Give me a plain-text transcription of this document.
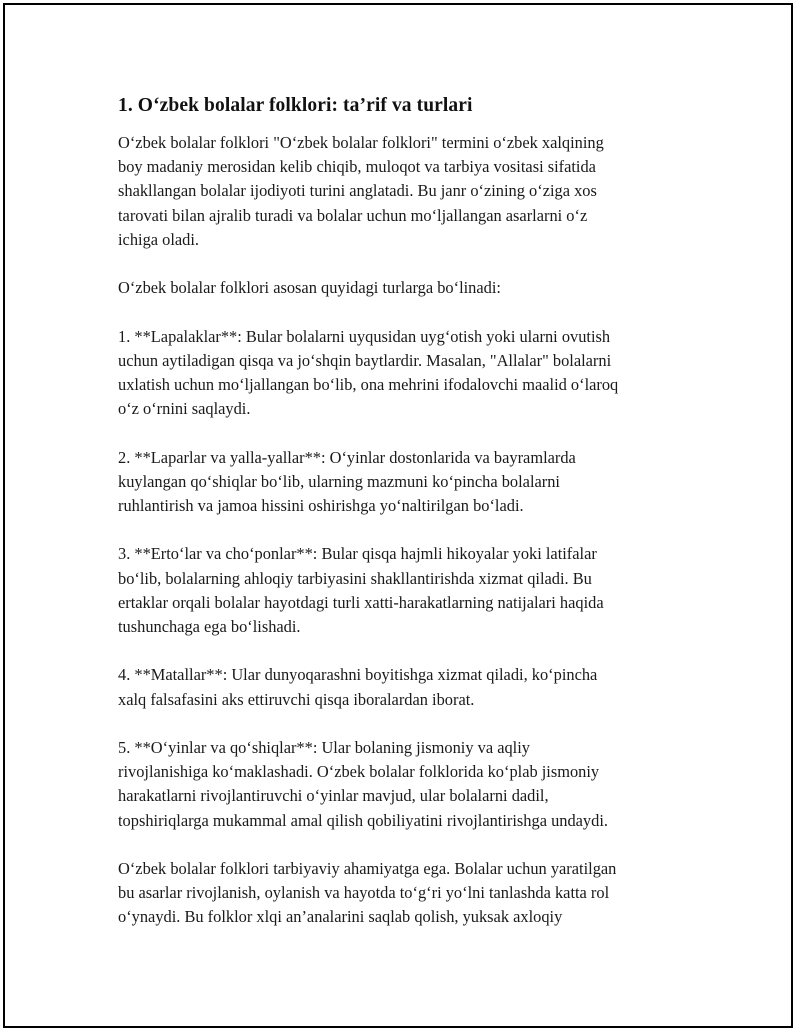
1. O‘zbek bolalar folklori: ta’rif va turlari

O‘zbek bolalar folklori "O‘zbek bolalar folklori" termini o‘zbek xalqining
boy madaniy merosidan kelib chiqib, muloqot va tarbiya vositasi sifatida
shakllangan bolalar ijodiyoti turini anglatadi. Bu janr o‘zining o‘ziga xos
tarovati bilan ajralib turadi va bolalar uchun mo‘ljallangan asarlarni o‘z
ichiga oladi.

O‘zbek bolalar folklori asosan quyidagi turlarga bo‘linadi:

1. **Lapalaklar**: Bular bolalarni uyqusidan uyg‘otish yoki ularni ovutish
uchun aytiladigan qisqa va jo‘shqin baytlardir. Masalan, "Allalar" bolalarni
uxlatish uchun mo‘ljallangan bo‘lib, ona mehrini ifodalovchi maalid o‘laroq
o‘z o‘rnini saqlaydi.

2. **Laparlar va yalla-yallar**: O‘yinlar dostonlarida va bayramlarda
kuylangan qo‘shiqlar bo‘lib, ularning mazmuni ko‘pincha bolalarni
ruhlantirish va jamoa hissini oshirishga yo‘naltirilgan bo‘ladi.

3. **Erto‘lar va cho‘ponlar**: Bular qisqa hajmli hikoyalar yoki latifalar
bo‘lib, bolalarning ahloqiy tarbiyasini shakllantirishda xizmat qiladi. Bu
ertaklar orqali bolalar hayotdagi turli xatti-harakatlarning natijalari haqida
tushunchaga ega bo‘lishadi.

4. **Matallar**: Ular dunyoqarashni boyitishga xizmat qiladi, ko‘pincha
xalq falsafasini aks ettiruvchi qisqa iboralardan iborat.

5. **O‘yinlar va qo‘shiqlar**: Ular bolaning jismoniy va aqliy
rivojlanishiga ko‘maklashadi. O‘zbek bolalar folklorida ko‘plab jismoniy
harakatlarni rivojlantiruvchi o‘yinlar mavjud, ular bolalarni dadil,
topshiriqlarga mukammal amal qilish qobiliyatini rivojlantirishga undaydi.

O‘zbek bolalar folklori tarbiyaviy ahamiyatga ega. Bolalar uchun yaratilgan
bu asarlar rivojlanish, oylanish va hayotda to‘g‘ri yo‘lni tanlashda katta rol
o‘ynaydi. Bu folklor xlqi an’analarini saqlab qolish, yuksak axloqiy
